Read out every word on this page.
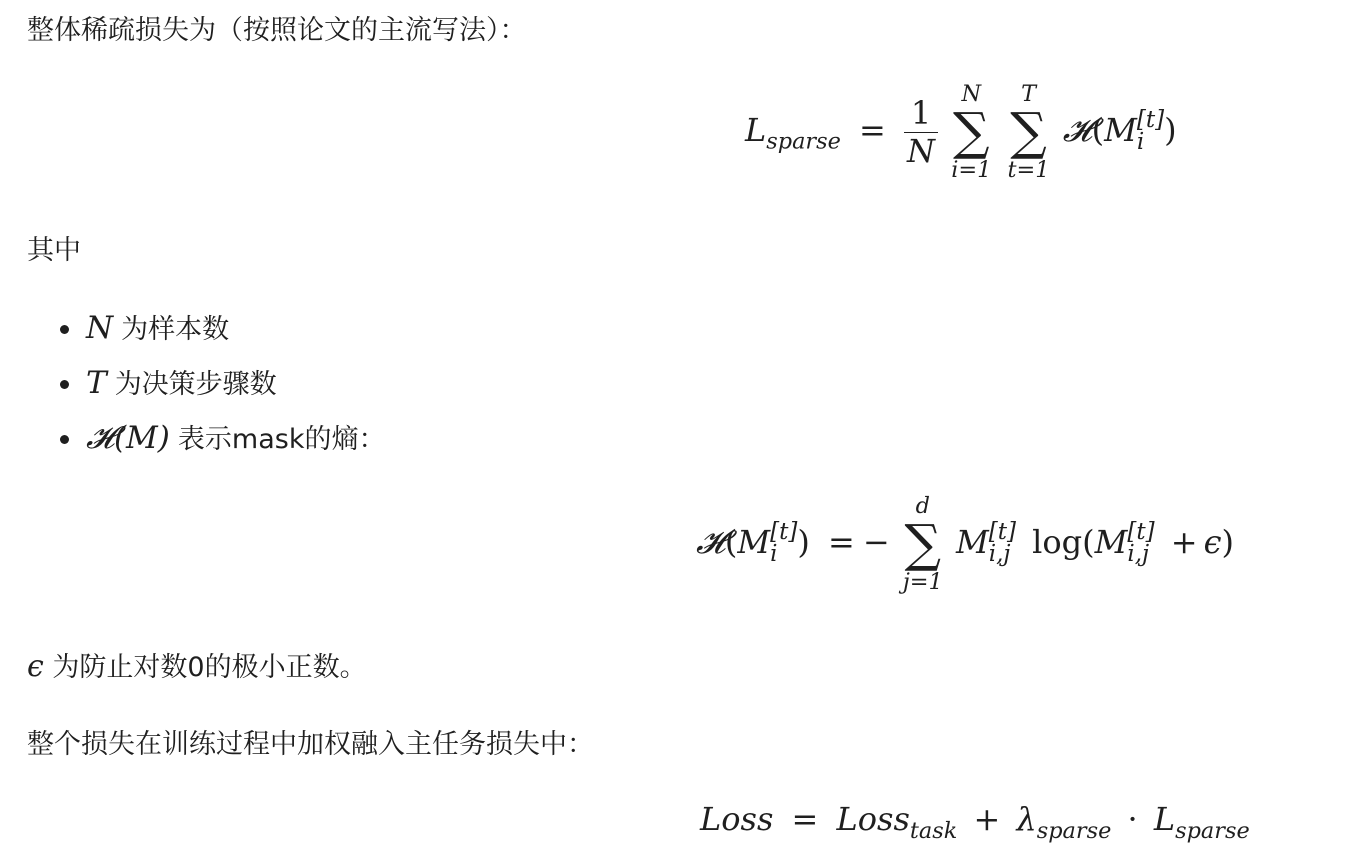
整体稀疏损失为（按照论文的主流写法）：

$L_{sparse} = \frac{1}{N}$

N
∑
i=1

T
∑
t=1
𝓗(M [t]
i )

其中

N 为样本数
T 为决策步骤数
𝓗(M) 表示mask的熵：
𝓗(M [t]
i ) = −
d
∑
j=1
M [t]
i,j log(M [t]
i,j + ϵ)

ϵ 为防止对数0的极小正数。

整个损失在训练过程中加权融入主任务损失中：

Loss = Loss$_{task}$ + $\lambda_{sparse} \cdot L_{sparse}$
